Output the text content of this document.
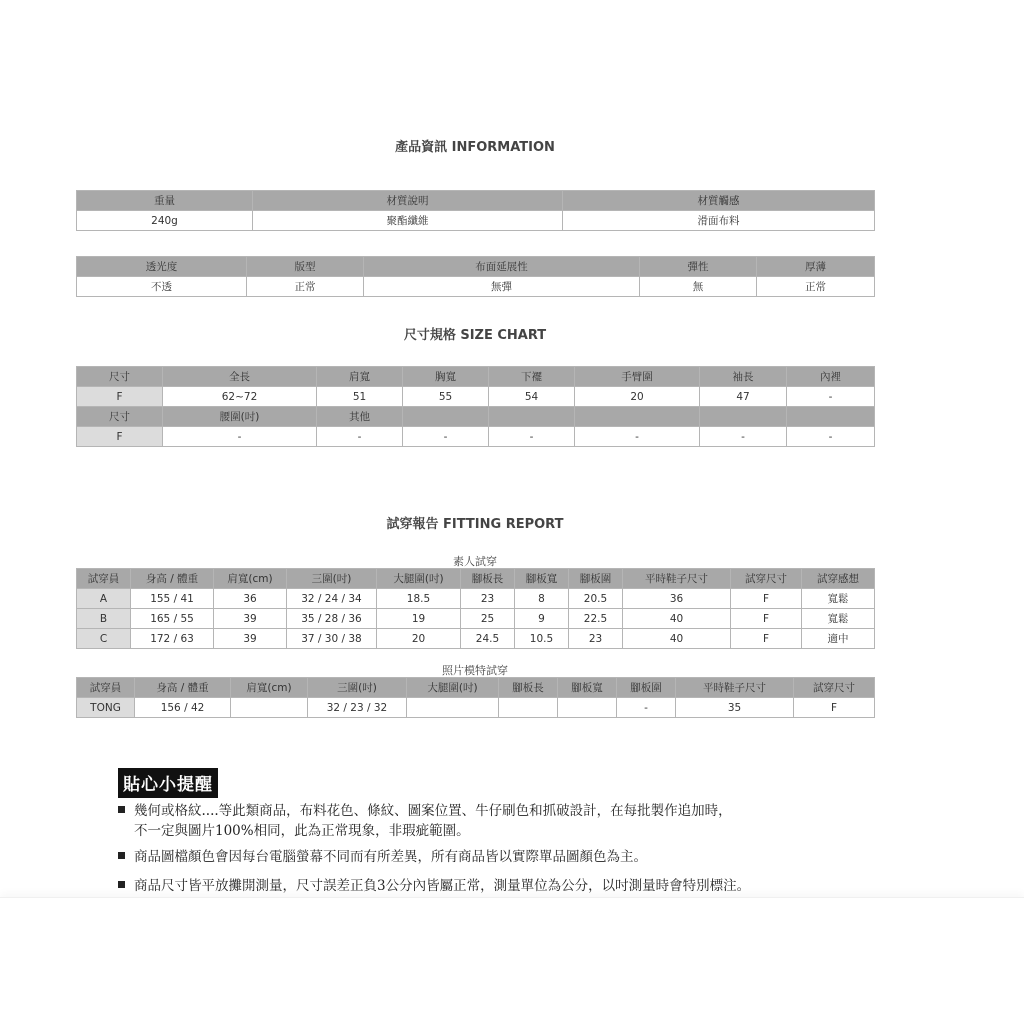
產品資訊 INFORMATION
尺寸規格 SIZE CHART
試穿報告 FITTING REPORT
重量	材質說明	材質觸感
240g	聚酯纖維	滑面布料
透光度	版型	布面延展性	彈性	厚薄
不透	正常	無彈	無	正常
尺寸	全長	肩寬	胸寬	下襬	手臂圍	袖長	內裡
F	62~72	51	55	54	20	47	-
尺寸	腰圍(吋)	其他					
F	-	-	-	-	-	-	-
素人試穿
試穿員	身高 / 體重	肩寬(cm)	三圍(吋)	大腿圍(吋)	腳板長	腳板寬	腳板圍	平時鞋子尺寸	試穿尺寸	試穿感想
A	155 / 41	36	32 / 24 / 34	18.5	23	8	20.5	36	F	寬鬆
B	165 / 55	39	35 / 28 / 36	19	25	9	22.5	40	F	寬鬆
C	172 / 63	39	37 / 30 / 38	20	24.5	10.5	23	40	F	適中
照片模特試穿
試穿員	身高 / 體重	肩寬(cm)	三圍(吋)	大腿圍(吋)	腳板長	腳板寬	腳板圍	平時鞋子尺寸	試穿尺寸
TONG	156 / 42		32 / 23 / 32				-	35	F
貼心小提醒
幾何或格紋....等此類商品，布料花色、條紋、圖案位置、牛仔刷色和抓破設計，在每批製作追加時，
不一定與圖片100%相同，此為正常現象，非瑕疵範圍。
商品圖檔顏色會因每台電腦螢幕不同而有所差異，所有商品皆以實際單品圖顏色為主。
商品尺寸皆平放攤開測量，尺寸誤差正負3公分內皆屬正常，測量單位為公分，以吋測量時會特別標注。
